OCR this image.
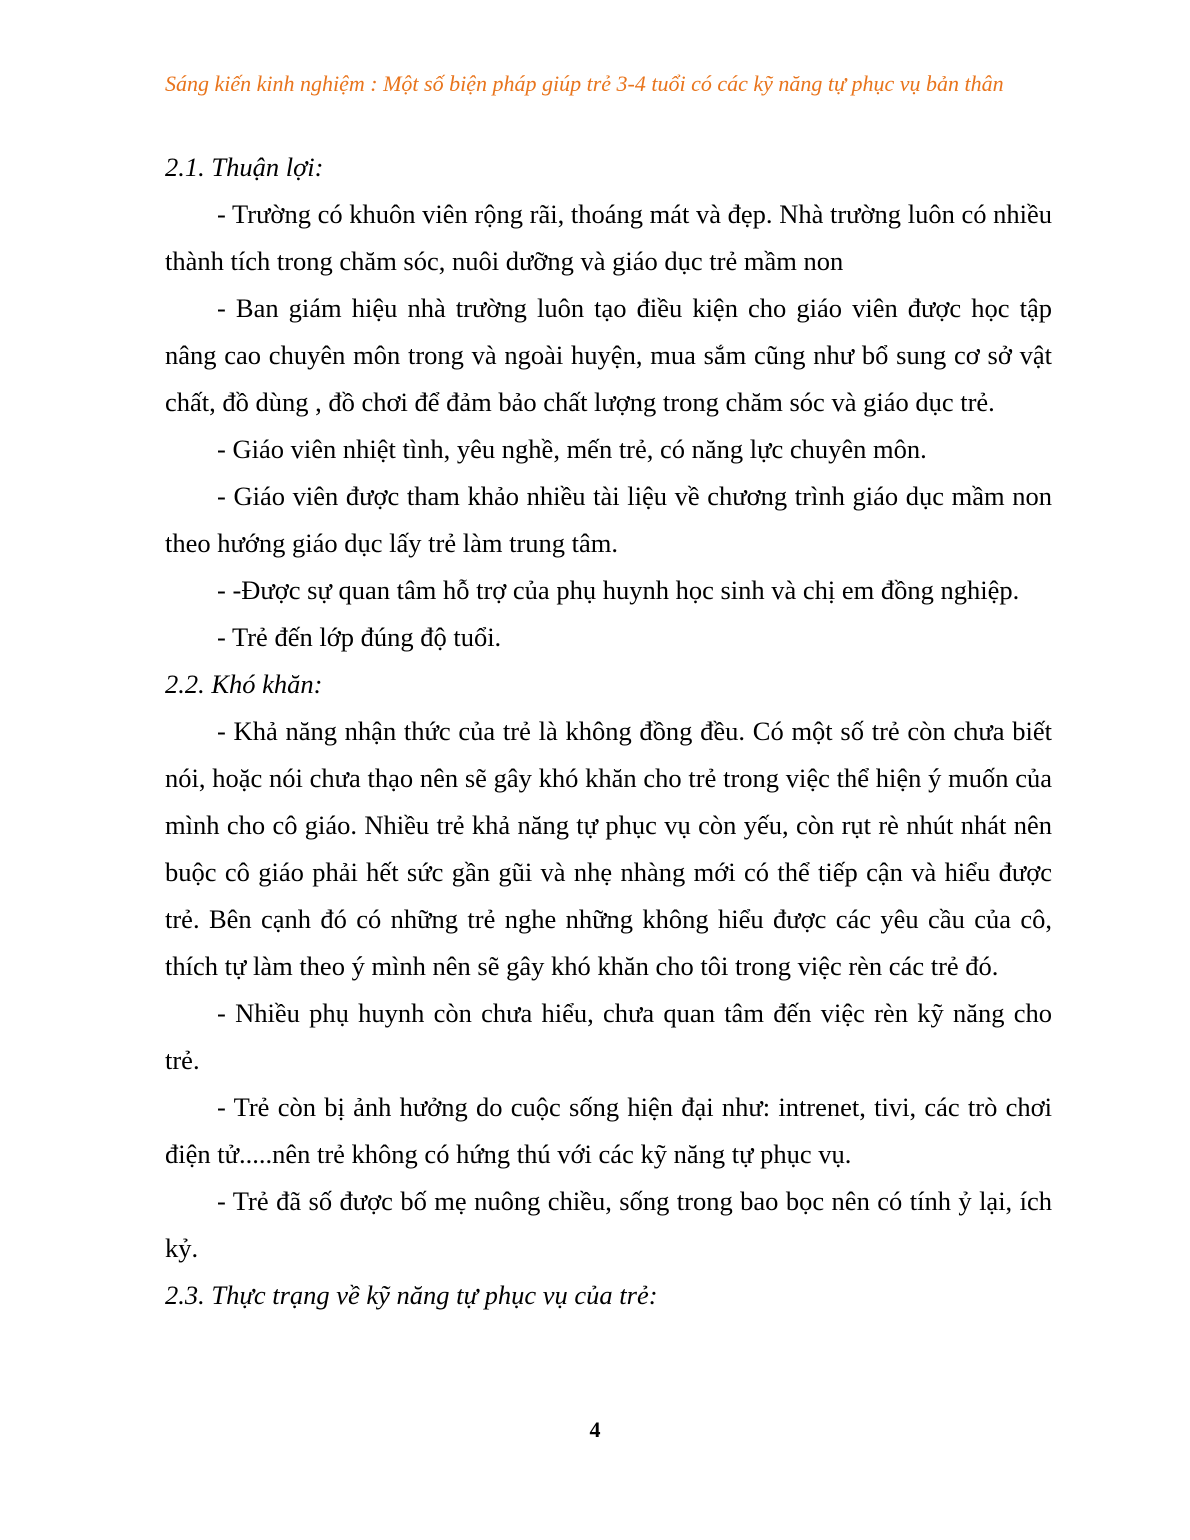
Sáng kiến kinh nghiệm : Một số biện pháp giúp trẻ 3-4 tuổi có các kỹ năng tự phục vụ bản thân

2.1. Thuận lợi:

- Trường có khuôn viên rộng rãi, thoáng mát và đẹp. Nhà trường luôn có nhiều thành tích trong chăm sóc, nuôi dưỡng và giáo dục trẻ mầm non

- Ban giám hiệu nhà trường luôn tạo điều kiện cho giáo viên được học tập nâng cao chuyên môn trong và ngoài huyện, mua sắm cũng như bổ sung cơ sở vật chất, đồ dùng , đồ chơi để đảm bảo chất lượng trong chăm sóc và giáo dục trẻ.

- Giáo viên nhiệt tình, yêu nghề, mến trẻ, có năng lực chuyên môn.

- Giáo viên được tham khảo nhiều tài liệu về chương trình giáo dục mầm non theo hướng giáo dục lấy trẻ làm trung tâm.

- -Được sự quan tâm hỗ trợ của phụ huynh học sinh và chị em đồng nghiệp.

- Trẻ đến lớp đúng độ tuổi.

2.2. Khó khăn:

- Khả năng nhận thức của trẻ là không đồng đều. Có một số trẻ còn chưa biết nói, hoặc nói chưa thạo nên sẽ gây khó khăn cho trẻ trong việc thể hiện ý muốn của mình cho cô giáo. Nhiều trẻ khả năng tự phục vụ còn yếu, còn rụt rè nhút nhát nên buộc cô giáo phải hết sức gần gũi và nhẹ nhàng mới có thể tiếp cận và hiểu được trẻ. Bên cạnh đó có những trẻ nghe những không hiểu được các yêu cầu của cô, thích tự làm theo ý mình nên sẽ gây khó khăn cho tôi trong việc rèn các trẻ đó.

- Nhiều phụ huynh còn chưa hiểu, chưa quan tâm đến việc rèn kỹ năng cho trẻ.

- Trẻ còn bị ảnh hưởng do cuộc sống hiện đại như: intrenet, tivi, các trò chơi điện tử.....nên trẻ không có hứng thú với các kỹ năng tự phục vụ.

- Trẻ đã số được bố mẹ nuông chiều, sống trong bao bọc nên có tính ỷ lại, ích kỷ.

2.3. Thực trạng về kỹ năng tự phục vụ của trẻ:

4
